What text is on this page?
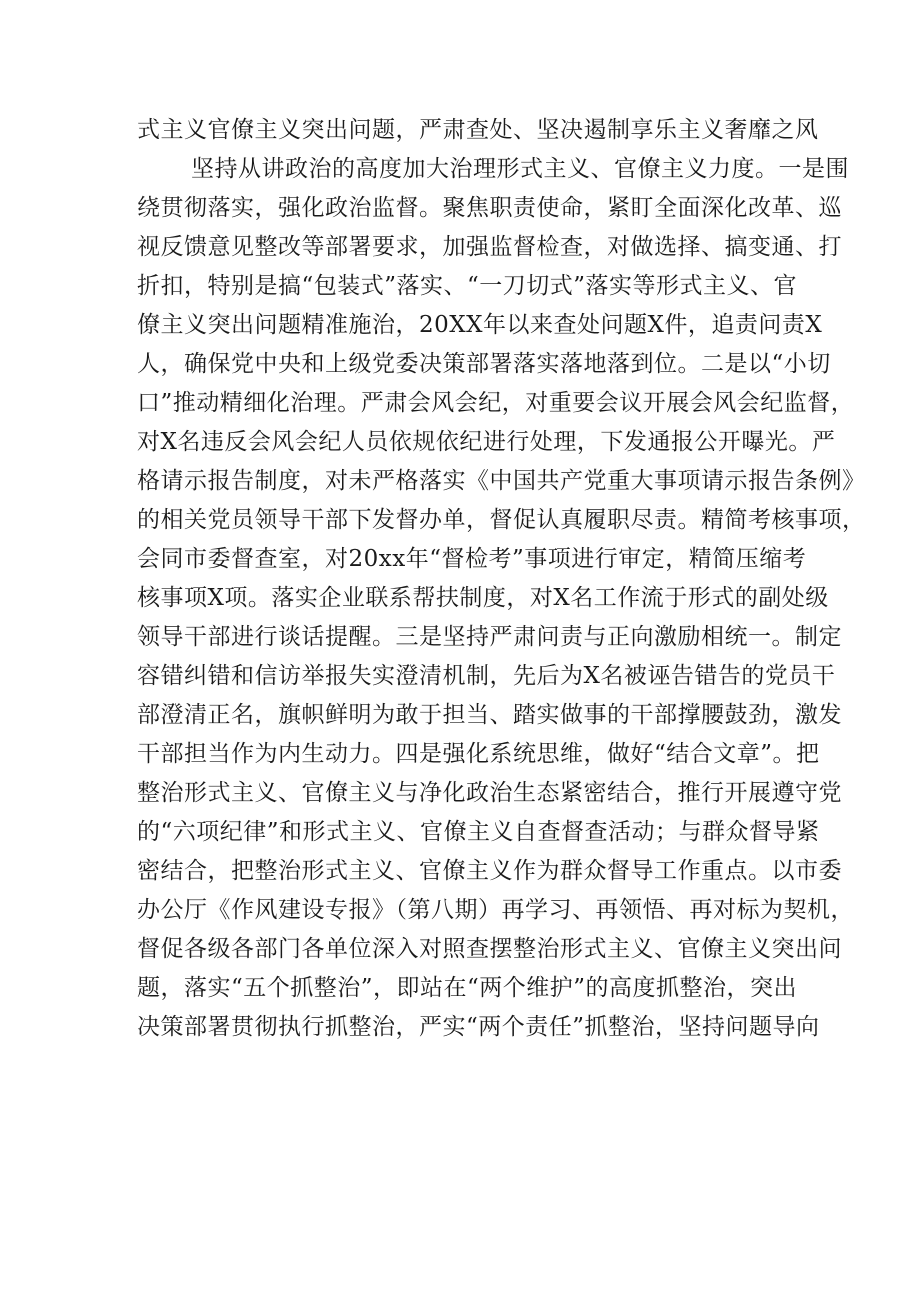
式主义官僚主义突出问题，严肃查处、坚决遏制享乐主义奢靡之风
坚持从讲政治的高度加大治理形式主义、官僚主义力度。一是围
绕贯彻落实，强化政治监督。聚焦职责使命，紧盯全面深化改革、巡
视反馈意见整改等部署要求，加强监督检查，对做选择、搞变通、打
折扣，特别是搞“包装式”落实、“一刀切式”落实等形式主义、官
僚主义突出问题精准施治，20XX年以来查处问题X件，追责问责X
人，确保党中央和上级党委决策部署落实落地落到位。二是以“小切
口”推动精细化治理。严肃会风会纪，对重要会议开展会风会纪监督，
对X名违反会风会纪人员依规依纪进行处理，下发通报公开曝光。严
格请示报告制度，对未严格落实《中国共产党重大事项请示报告条例》
的相关党员领导干部下发督办单，督促认真履职尽责。精简考核事项，
会同市委督查室，对20xx年“督检考”事项进行审定，精简压缩考
核事项X项。落实企业联系帮扶制度，对X名工作流于形式的副处级
领导干部进行谈话提醒。三是坚持严肃问责与正向激励相统一。制定
容错纠错和信访举报失实澄清机制，先后为X名被诬告错告的党员干
部澄清正名，旗帜鲜明为敢于担当、踏实做事的干部撑腰鼓劲，激发
干部担当作为内生动力。四是强化系统思维，做好“结合文章”。把
整治形式主义、官僚主义与净化政治生态紧密结合，推行开展遵守党
的“六项纪律”和形式主义、官僚主义自查督查活动；与群众督导紧
密结合，把整治形式主义、官僚主义作为群众督导工作重点。以市委
办公厅《作风建设专报》（第八期）再学习、再领悟、再对标为契机，
督促各级各部门各单位深入对照查摆整治形式主义、官僚主义突出问
题，落实“五个抓整治”，即站在“两个维护”的高度抓整治，突出
决策部署贯彻执行抓整治，严实“两个责任”抓整治，坚持问题导向
